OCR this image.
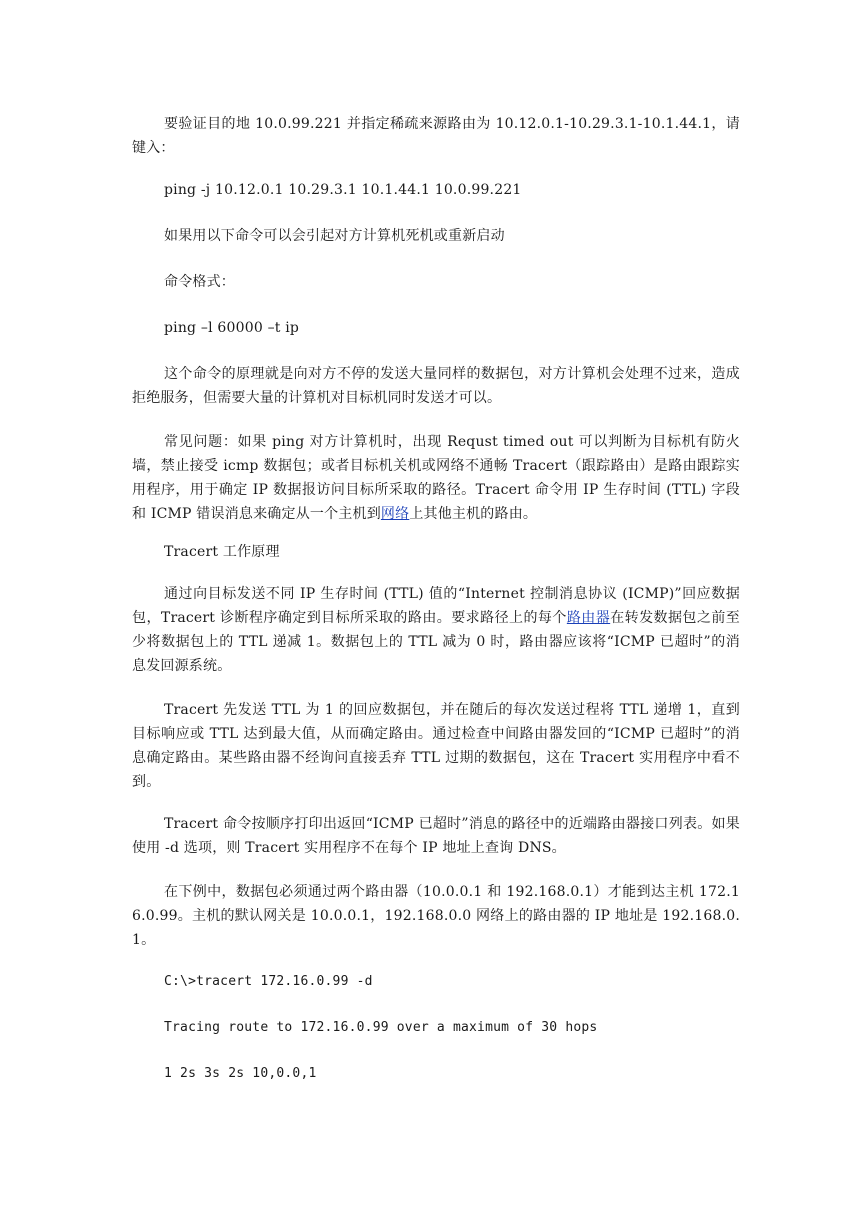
要验证目的地 10.0.99.221 并指定稀疏来源路由为 10.12.0.1-10.29.3.1-10.1.44.1，请键入：

ping -j 10.12.0.1 10.29.3.1 10.1.44.1 10.0.99.221

如果用以下命令可以会引起对方计算机死机或重新启动

命令格式：

ping –l 60000 –t ip

这个命令的原理就是向对方不停的发送大量同样的数据包，对方计算机会处理不过来，造成拒绝服务，但需要大量的计算机对目标机同时发送才可以。

常见问题：如果 ping 对方计算机时，出现 Requst timed out 可以判断为目标机有防火墙，禁止接受 icmp 数据包；或者目标机关机或网络不通畅 Tracert（跟踪路由）是路由跟踪实用程序，用于确定 IP 数据报访问目标所采取的路径。Tracert 命令用 IP 生存时间 (TTL) 字段和 ICMP 错误消息来确定从一个主机到网络上其他主机的路由。

Tracert 工作原理

通过向目标发送不同 IP 生存时间 (TTL) 值的“Internet 控制消息协议 (ICMP)”回应数据包，Tracert 诊断程序确定到目标所采取的路由。要求路径上的每个路由器在转发数据包之前至少将数据包上的 TTL 递减 1。数据包上的 TTL 减为 0 时，路由器应该将“ICMP 已超时”的消息发回源系统。

Tracert 先发送 TTL 为 1 的回应数据包，并在随后的每次发送过程将 TTL 递增 1，直到目标响应或 TTL 达到最大值，从而确定路由。通过检查中间路由器发回的“ICMP 已超时”的消息确定路由。某些路由器不经询问直接丢弃 TTL 过期的数据包，这在 Tracert 实用程序中看不到。

Tracert 命令按顺序打印出返回“ICMP 已超时”消息的路径中的近端路由器接口列表。如果使用 -d 选项，则 Tracert 实用程序不在每个 IP 地址上查询 DNS。

在下例中，数据包必须通过两个路由器（10.0.0.1 和 192.168.0.1）才能到达主机 172.16.0.99。主机的默认网关是 10.0.0.1，192.168.0.0 网络上的路由器的 IP 地址是 192.168.0.1。

C:\>tracert 172.16.0.99 -d

Tracing route to 172.16.0.99 over a maximum of 30 hops

1 2s 3s 2s 10,0.0,1
